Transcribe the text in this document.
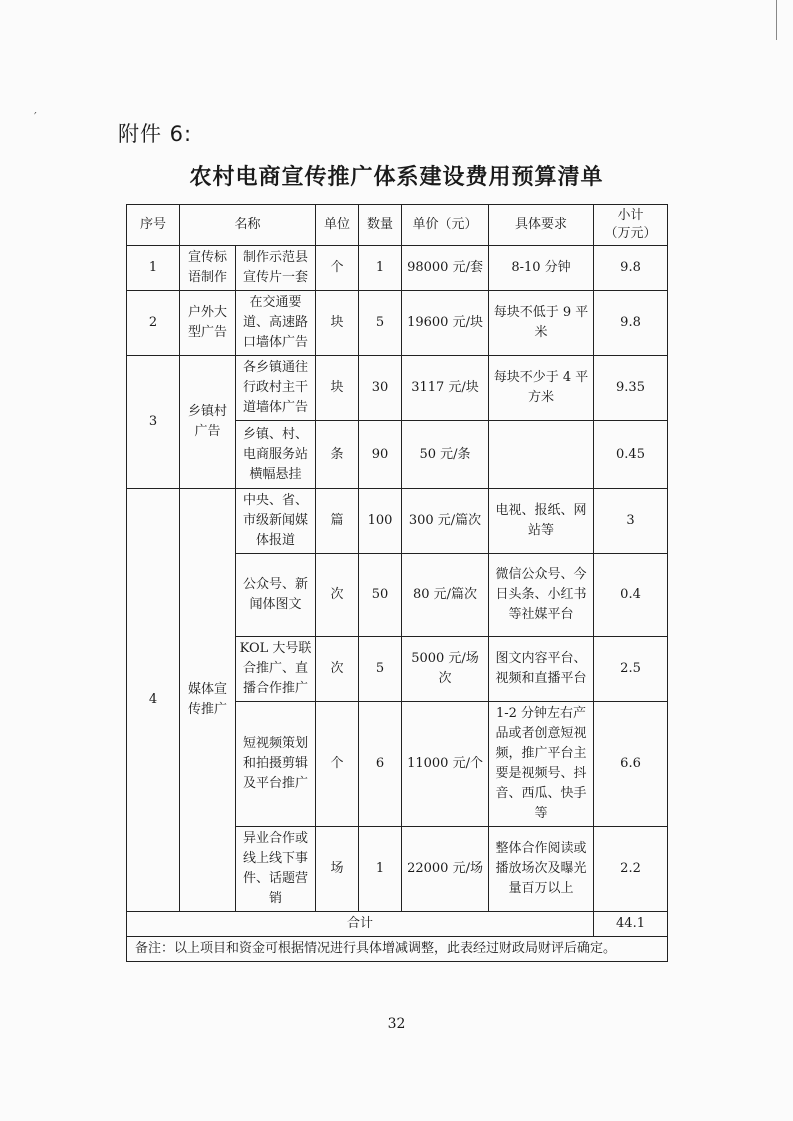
附件 6:
农村电商宣传推广体系建设费用预算清单
序号	名称		单位	数量	单价（元）	具体要求	小计
（万元）
1	宣传标语制作	制作示范县宣传片一套	个	1	98000 元/套	8-10 分钟	9.8
2	户外大型广告	在交通要道、高速路口墙体广告	块	5	19600 元/块	每块不低于 9 平米	9.8
3	乡镇村广告	各乡镇通往行政村主干道墙体广告	块	30	3117 元/块	每块不少于 4 平方米	9.35
		乡镇、村、电商服务站横幅悬挂	条	90	50 元/条		0.45
4	媒体宣传推广	中央、省、市级新闻媒体报道	篇	100	300 元/篇次	电视、报纸、网站等	3
		公众号、新闻体图文	次	50	80 元/篇次	微信公众号、今日头条、小红书等社媒平台	0.4
		KOL 大号联合推广、直播合作推广	次	5	5000 元/场次	图文内容平台、视频和直播平台	2.5
		短视频策划和拍摄剪辑及平台推广	个	6	11000 元/个	1-2 分钟左右产品或者创意短视频，推广平台主要是视频号、抖音、西瓜、快手等	6.6
		异业合作或线上线下事件、话题营销	场	1	22000 元/场	整体合作阅读或播放场次及曝光量百万以上	2.2
合计							44.1
备注：以上项目和资金可根据情况进行具体增减调整，此表经过财政局财评后确定。							
32
′
